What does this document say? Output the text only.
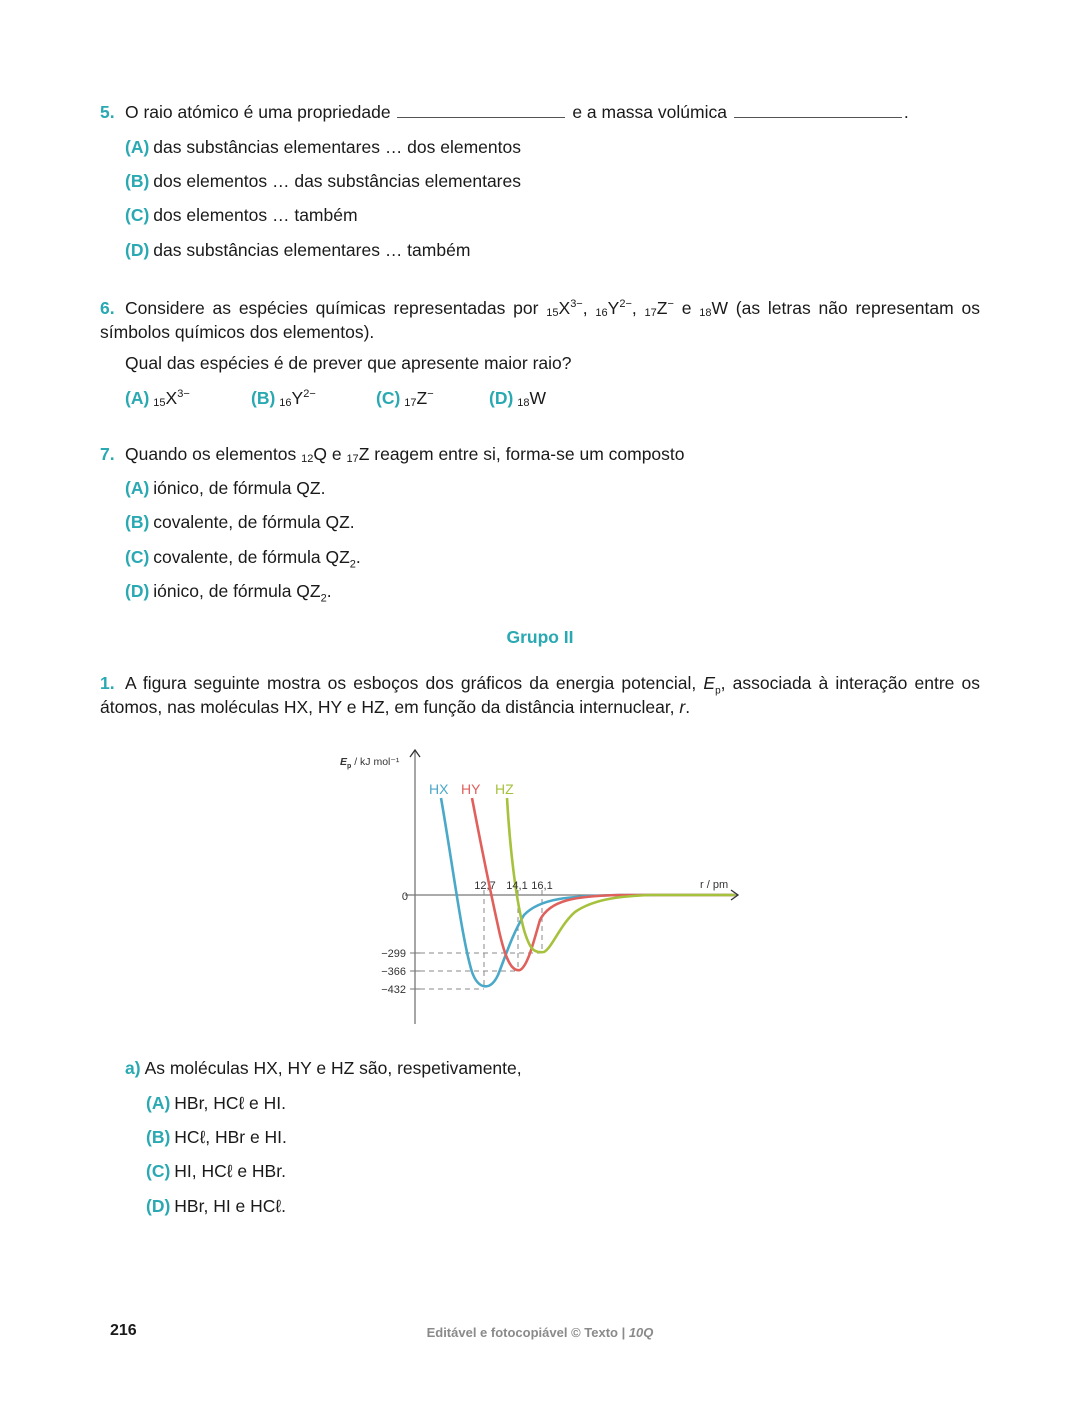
5. O raio atómico é uma propriedade	e a massa volúmica	.
(A) das substâncias elementares … dos elementos
(B) dos elementos … das substâncias elementares
(C) dos elementos … também
(D) das substâncias elementares … também
6. Considere as espécies químicas representadas por $_{15}X^{3-}$, $_{16}Y^{2-}$, $_{17}$Z− e $_{18}$W (as letras não representam os símbolos químicos dos elementos).
Qual das espécies é de prever que apresente maior raio?
(A) $_{15}X^{3-}$	(B) $_{16}Y^{2-}$	(C) $_{17}$Z−	(D) $_{18}$W
7. Quando os elementos $_{12}$Q e $_{17}$Z reagem entre si, forma-se um composto
(A) iónico, de fórmula QZ.
(B) covalente, de fórmula QZ.
(C) covalente, de fórmula $QZ_2$.
(D) iónico, de fórmula $QZ_2$.
Grupo II
1. A figura seguinte mostra os esboços dos gráficos da energia potencial, $E_p$, associada à interação entre os átomos, nas moléculas HX, HY e HZ, em função da distância internuclear, r.
HX HY HZ
$E_p$ / kJ mol⁻¹
r / pm
0
−299
−366
−432
12,7 14,1 16,1
a) As moléculas HX, HY e HZ são, respetivamente,
(A) HBr, HCℓ e HI.
(B) HCℓ, HBr e HI.
(C) HI, HCℓ e HBr.
(D) HBr, HI e HCℓ.
216	Editável e fotocopiável © Texto | 10Q
